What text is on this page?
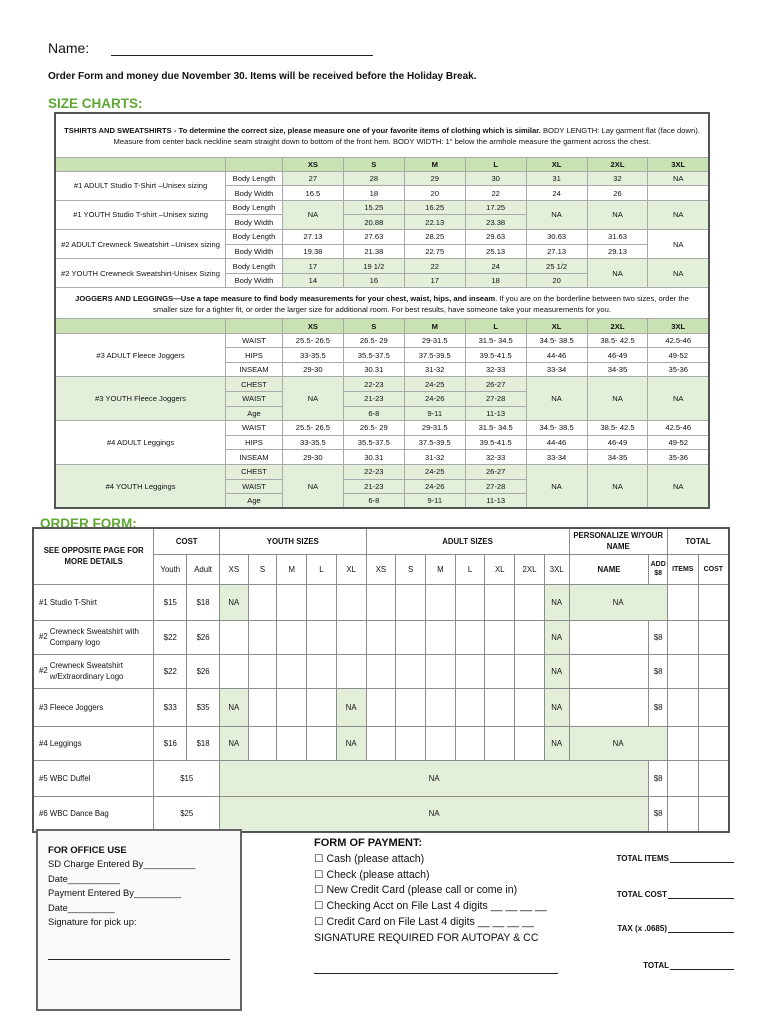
Name:
Order Form and money due November 30. Items will be received before the Holiday Break.
SIZE CHARTS:
TSHIRTS AND SWEATSHIRTS - To determine the correct size, please measure one of your favorite items of clothing which is similar. BODY LENGTH: Lay garment flat (face down). Measure from center back neckline seam straight down to bottom of the front hem. BODY WIDTH: 1" below the armhole measure the garment across the chest.								
		XS	S	M	L	XL	2XL	3XL
#1 ADULT Studio T-Shirt –Unisex sizing	Body Length	27	28	29	30	31	32	NA
	Body Width	16.5	18	20	22	24	26	
#1 YOUTH Studio T-shirt –Unisex sizing	Body Length	NA	15.25	16.25	17.25	NA	NA	NA
	Body Width		20.88	22.13	23.38			
#2 ADULT Crewneck Sweatshirt –Unisex sizing	Body Length	27.13	27.63	28.25	29.63	30.63	31.63	NA
	Body Width	19.38	21.38	22.75	25.13	27.13	29.13	
#2 YOUTH Crewneck Sweatshirt-Unisex Sizing	Body Length	17	19 1/2	22	24	25 1/2	NA	NA
	Body Width	14	16	17	18	20		
JOGGERS AND LEGGINGS—Use a tape measure to find body measurements for your chest, waist, hips, and inseam. If you are on the borderline between two sizes, order the smaller size for a tighter fit, or order the larger size for additional room. For best results, have someone take your measurements for you.								
		XS	S	M	L	XL	2XL	3XL
#3 ADULT Fleece Joggers	WAIST	25.5- 26.5	26.5- 29	29-31.5	31.5- 34.5	34.5- 38.5	38.5- 42.5	42.5-46
	HIPS	33-35.5	35.5-37.5	37.5-39.5	39.5-41.5	44-46	46-49	49-52
	INSEAM	29-30	30.31	31-32	32-33	33-34	34-35	35-36
#3 YOUTH Fleece Joggers	CHEST	NA	22-23	24-25	26-27	NA	NA	NA
	WAIST		21-23	24-26	27-28			
	Age		6-8	9-11	11-13			
#4 ADULT Leggings	WAIST	25.5- 26.5	26.5- 29	29-31.5	31.5- 34.5	34.5- 38.5	38.5- 42.5	42.5-46
	HIPS	33-35.5	35.5-37.5	37.5-39.5	39.5-41.5	44-46	46-49	49-52
	INSEAM	29-30	30.31	31-32	32-33	33-34	34-35	35-36
#4 YOUTH Leggings	CHEST	NA	22-23	24-25	26-27	NA	NA	NA
	WAIST		21-23	24-26	27-28			
	Age		6-8	9-11	11-13			
ORDER FORM:
SEE OPPOSITE PAGE FOR MORE DETAILS	COST		YOUTH SIZES					ADULT SIZES							PERSONALIZE W/YOUR NAME		TOTAL	
	Youth	Adult	XS	S	M	L	XL	XS	S	M	L	XL	2XL	3XL	NAME	ADD $8	ITEMS	COST
#1 Studio T-Shirt	$15	$18	NA											NA	NA			

#2
Crewneck Sweatshirt with Company logo	$22	$26												NA		$8		

#2
Crewneck Sweatshirt w/Extraordinary Logo	$22	$26												NA		$8		
#3 Fleece Joggers	$33	$35	NA				NA							NA		$8		
#4 Leggings	$16	$18	NA				NA							NA	NA			
#5 WBC Duffel	$15		NA													$8		
#6 WBC Dance Bag	$25		NA													$8		
FOR OFFICE USE
SD Charge Entered By__________
Date__________
Payment Entered By_________
Date_________
Signature for pick up:
FORM OF PAYMENT:
☐ Cash (please attach)
☐ Check (please attach)
☐ New Credit Card (please call or come in)
☐ Checking Acct on File Last 4 digits __ __ __ __
☐ Credit Card on File Last 4 digits __ __ __ __
SIGNATURE REQUIRED FOR AUTOPAY & CC
TOTAL ITEMS
TOTAL COST
TAX (x .0685)
TOTAL
